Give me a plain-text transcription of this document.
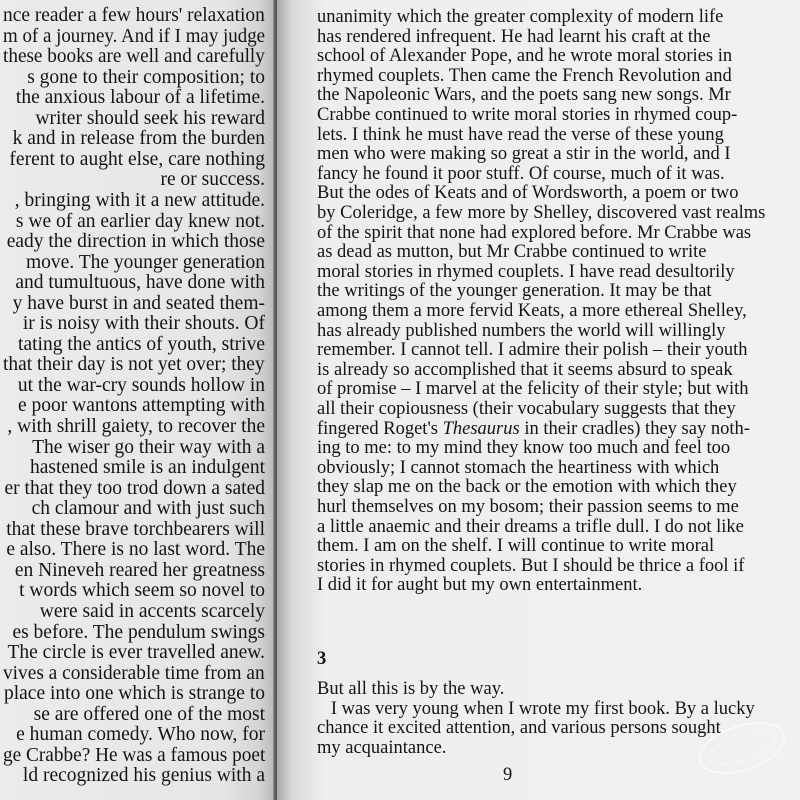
nce reader a few hours' relaxation
m of a journey. And if I may judge
these books are well and carefully
s gone to their composition; to
the anxious labour of a lifetime.
writer should seek his reward
k and in release from the burden
ferent to aught else, care nothing
re or success.
, bringing with it a new attitude.
s we of an earlier day knew not.
eady the direction in which those
move. The younger generation
and tumultuous, have done with
y have burst in and seated them-
ir is noisy with their shouts. Of
tating the antics of youth, strive
that their day is not yet over; they
ut the war-cry sounds hollow in
e poor wantons attempting with
, with shrill gaiety, to recover the
The wiser go their way with a
hastened smile is an indulgent
er that they too trod down a sated
ch clamour and with just such
that these brave torchbearers will
e also. There is no last word. The
en Nineveh reared her greatness
t words which seem so novel to
were said in accents scarcely
es before. The pendulum swings
The circle is ever travelled anew.
vives a considerable time from an
place into one which is strange to
se are offered one of the most
e human comedy. Who now, for
ge Crabbe? He was a famous poet
ld recognized his genius with a
unanimity which the greater complexity of modern life
has rendered infrequent. He had learnt his craft at the
school of Alexander Pope, and he wrote moral stories in
rhymed couplets. Then came the French Revolution and
the Napoleonic Wars, and the poets sang new songs. Mr
Crabbe continued to write moral stories in rhymed coup-
lets. I think he must have read the verse of these young
men who were making so great a stir in the world, and I
fancy he found it poor stuff. Of course, much of it was.
But the odes of Keats and of Wordsworth, a poem or two
by Coleridge, a few more by Shelley, discovered vast realms
of the spirit that none had explored before. Mr Crabbe was
as dead as mutton, but Mr Crabbe continued to write
moral stories in rhymed couplets. I have read desultorily
the writings of the younger generation. It may be that
among them a more fervid Keats, a more ethereal Shelley,
has already published numbers the world will willingly
remember. I cannot tell. I admire their polish – their youth
is already so accomplished that it seems absurd to speak
of promise – I marvel at the felicity of their style; but with
all their copiousness (their vocabulary suggests that they
fingered Roget's Thesaurus in their cradles) they say noth-
ing to me: to my mind they know too much and feel too
obviously; I cannot stomach the heartiness with which
they slap me on the back or the emotion with which they
hurl themselves on my bosom; their passion seems to me
a little anaemic and their dreams a trifle dull. I do not like
them. I am on the shelf. I will continue to write moral
stories in rhymed couplets. But I should be thrice a fool if
I did it for aught but my own entertainment.
3
But all this is by the way.
I was very young when I wrote my first book. By a lucky
chance it excited attention, and various persons sought
my acquaintance.
9
